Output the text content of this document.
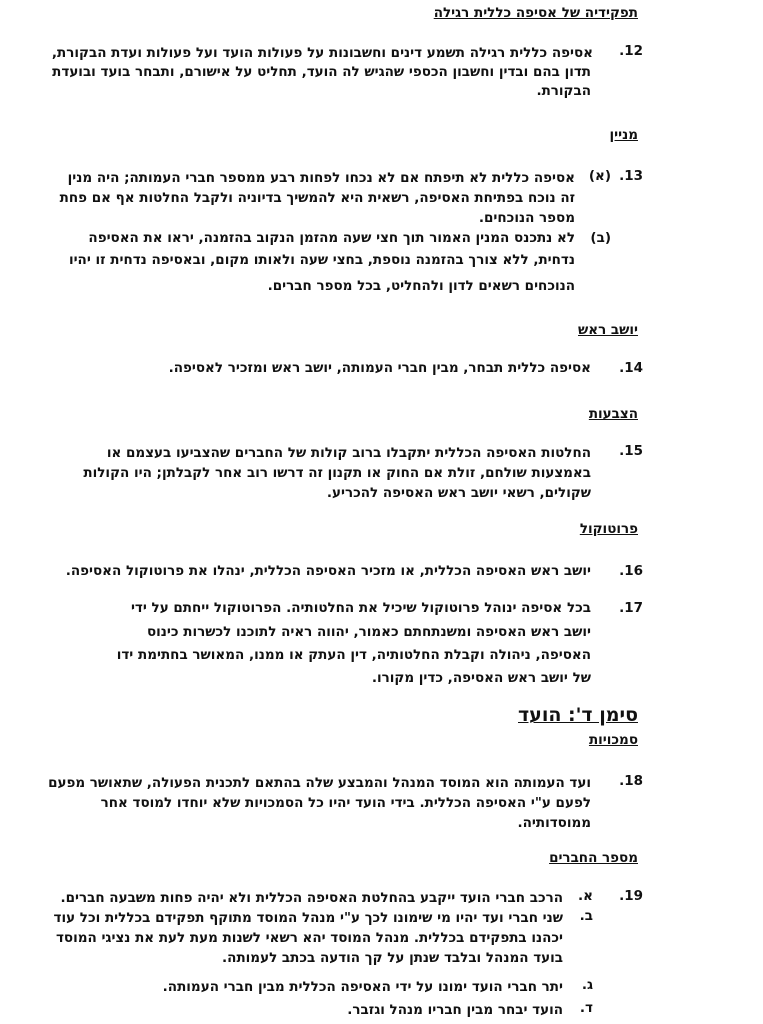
תפקידיה של אסיפה כללית רגילה
12.
אסיפה כללית רגילה תשמע דינים וחשבונות על פעולות הועד ועל פעולות ועדת הבקורת,
תדון בהם ובדין וחשבון הכספי שהגיש לה הועד, תחליט על אישורם, ותבחר בועד ובועדת
הבקורת.
מניין
13.
(א)
אסיפה כללית לא תיפתח אם לא נכחו לפחות רבע ממספר חברי העמותה; היה מנין
זה נוכח בפתיחת האסיפה, רשאית היא להמשיך בדיוניה ולקבל החלטות אף אם פחת
מספר הנוכחים.
(ב)
לא נתכנס המנין האמור תוך חצי שעה מהזמן הנקוב בהזמנה, יראו את האסיפה
נדחית, ללא צורך בהזמנה נוספת, בחצי שעה ולאותו מקום, ובאסיפה נדחית זו יהיו
הנוכחים רשאים לדון ולהחליט, בכל מספר חברים.
יושב ראש
14.
אסיפה כללית תבחר, מבין חברי העמותה, יושב ראש ומזכיר לאסיפה.
הצבעות
15.
החלטות האסיפה הכללית יתקבלו ברוב קולות של החברים שהצביעו בעצמם או
באמצעות שולחם, זולת אם החוק או תקנון זה דרשו רוב אחר לקבלתן; היו הקולות
שקולים, רשאי יושב ראש האסיפה להכריע.
פרוטוקול
16.
יושב ראש האסיפה הכללית, או מזכיר האסיפה הכללית, ינהלו את פרוטוקול האסיפה.
17.
בכל אסיפה ינוהל פרוטוקול שיכיל את החלטותיה. הפרוטוקול ייחתם על ידי
יושב ראש האסיפה ומשנתחתם כאמור, יהווה ראיה לתוכנו לכשרות כינוס
האסיפה, ניהולה וקבלת החלטותיה, דין העתק או ממנו, המאושר בחתימת ידו
של יושב ראש האסיפה, כדין מקורו.
סימן ד': הועד
סמכויות
18.
ועד העמותה הוא המוסד המנהל והמבצע שלה בהתאם לתכנית הפעולה, שתאושר מפעם
לפעם ע"י האסיפה הכללית. בידי הועד יהיו כל הסמכויות שלא יוחדו למוסד אחר
ממוסדותיה.
מספר החברים
19.
א.
הרכב חברי הועד ייקבע בהחלטת האסיפה הכללית ולא יהיה פחות משבעה חברים.
ב.
שני חברי ועד יהיו מי שימונו לכך ע"י מנהל המוסד מתוקף תפקידם בכללית וכל עוד
יכהנו בתפקידם בכללית. מנהל המוסד יהא רשאי לשנות מעת לעת את נציגי המוסד
בועד המנהל ובלבד שנתן על קך הודעה בכתב לעמותה.
ג.
יתר חברי הועד ימונו על ידי האסיפה הכללית מבין חברי העמותה.
ד.
הועד יבחר מבין חבריו מנהל וגזבר.
